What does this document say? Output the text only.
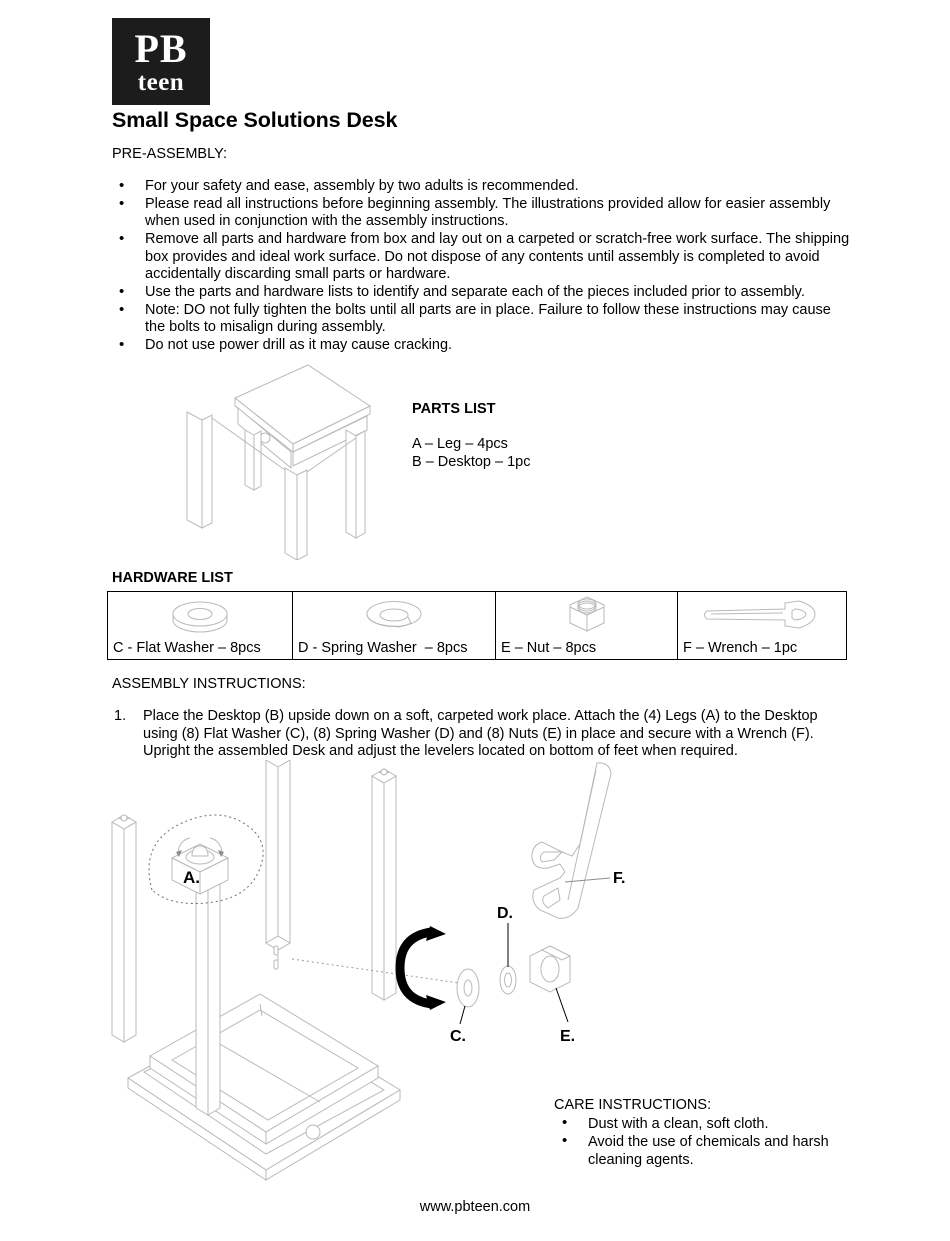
PB
teen
Small Space Solutions Desk
PRE-ASSEMBLY:
• For your safety and ease, assembly by two adults is recommended.
• Please read all instructions before beginning assembly. The illustrations provided allow for easier assembly when used in conjunction with the assembly instructions.
• Remove all parts and hardware from box and lay out on a carpeted or scratch-free work surface. The shipping box provides and ideal work surface. Do not dispose of any contents until assembly is completed to avoid accidentally discarding small parts or hardware.
• Use the parts and hardware lists to identify and separate each of the pieces included prior to assembly.
• Note: DO not fully tighten the bolts until all parts are in place. Failure to follow these instructions may cause the bolts to misalign during assembly.
• Do not use power drill as it may cause cracking.
PARTS LIST
A – Leg – 4pcs
B – Desktop – 1pc
HARDWARE LIST
C - Flat Washer – 8pcs	D - Spring Washer  – 8pcs	E – Nut – 8pcs	F – Wrench – 1pc
ASSEMBLY INSTRUCTIONS:
1. Place the Desktop (B) upside down on a soft, carpeted work place. Attach the (4) Legs (A) to the Desktop using (8) Flat Washer (C), (8) Spring Washer (D) and (8) Nuts (E) in place and secure with a Wrench (F). Upright the assembled Desk and adjust the levelers located on bottom of feet when required.
A.
D.
F.
C.	E.
CARE INSTRUCTIONS:
• Dust with a clean, soft cloth.
• Avoid the use of chemicals and harsh cleaning agents.
www.pbteen.com
